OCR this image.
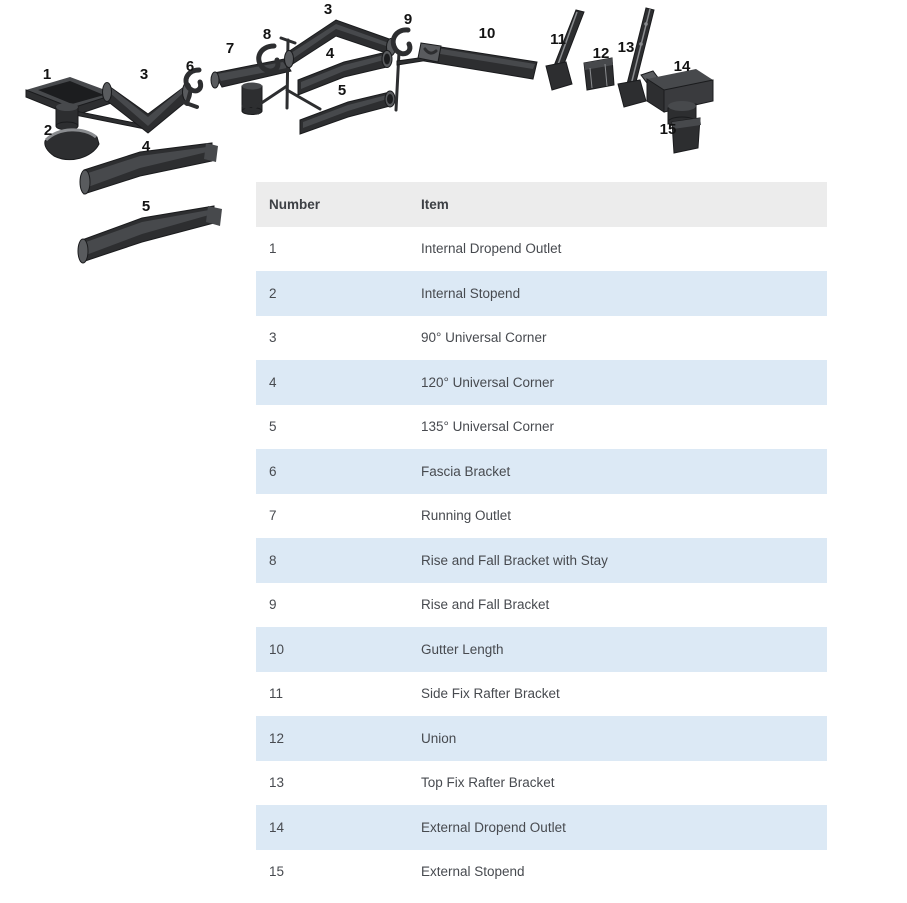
1
2
3
4
5
6
7
8
3
4
5
9
10	11
12 13
14
15
Number	Item
1	Internal Dropend Outlet
2	Internal Stopend
3	90° Universal Corner
4	120° Universal Corner
5	135° Universal Corner
6	Fascia Bracket
7	Running Outlet
8	Rise and Fall Bracket with Stay
9	Rise and Fall Bracket
10	Gutter Length
11	Side Fix Rafter Bracket
12	Union
13	Top Fix Rafter Bracket
14	External Dropend Outlet
15	External Stopend
